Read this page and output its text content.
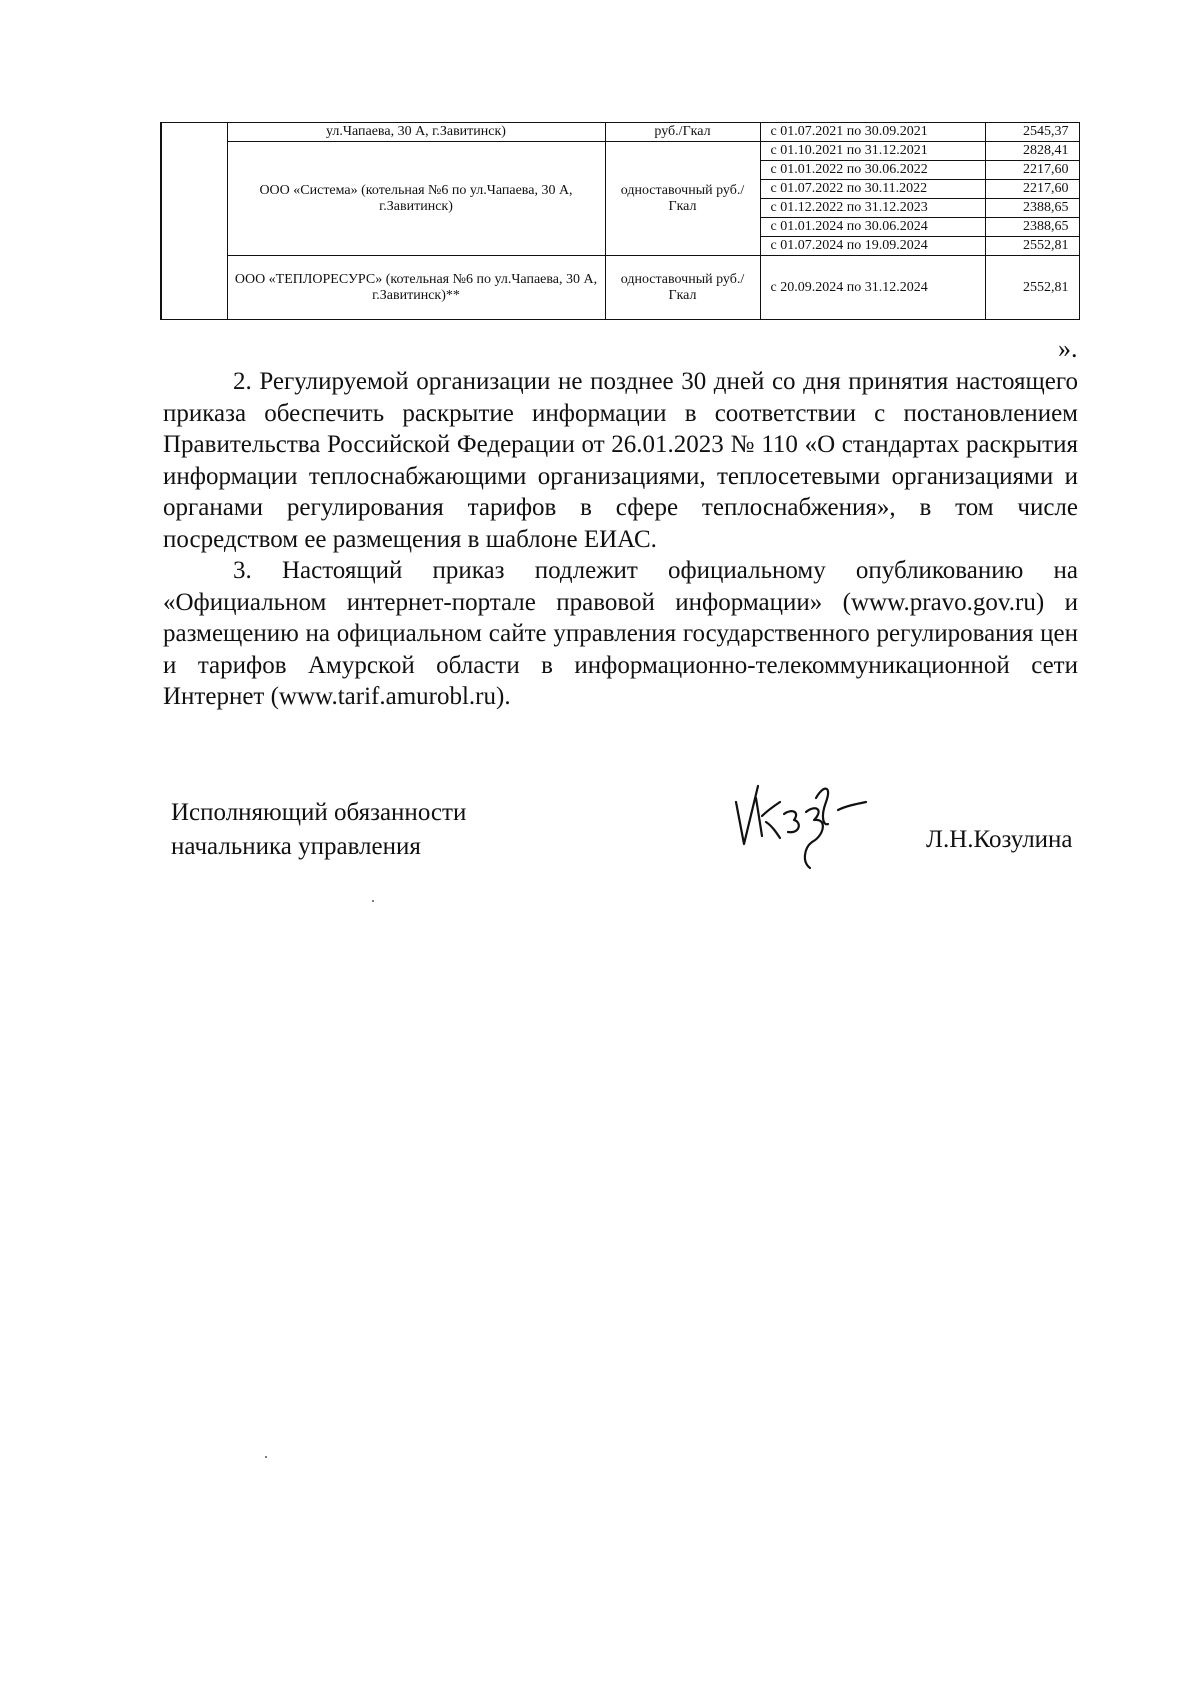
	ул.Чапаева, 30 А, г.Завитинск)	руб./Гкал	с 01.07.2021 по 30.09.2021	2545,37
	ООО «Система» (котельная №6 по ул.Чапаева, 30 А, г.Завитинск)	одноставочный руб./Гкал	с 01.10.2021 по 31.12.2021	2828,41
			с 01.01.2022 по 30.06.2022	2217,60
			с 01.07.2022 по 30.11.2022	2217,60
			с 01.12.2022 по 31.12.2023	2388,65
			с 01.01.2024 по 30.06.2024	2388,65
			с 01.07.2024 по 19.09.2024	2552,81
	ООО «ТЕПЛОРЕСУРС» (котельная №6 по ул.Чапаева, 30 А, г.Завитинск)**	одноставочный руб./Гкал	с 20.09.2024 по 31.12.2024	2552,81
».

2. Регулируемой организации не позднее 30 дней со дня принятия настоящего приказа обеспечить раскрытие информации в соответствии с постановлением Правительства Российской Федерации от 26.01.2023 № 110 «О стандартах раскрытия информации теплоснабжающими организациями, теплосетевыми организациями и органами регулирования тарифов в сфере теплоснабжения», в том числе посредством ее размещения в шаблоне ЕИАС.

3. Настоящий приказ подлежит официальному опубликованию на «Официальном интернет-портале правовой информации» (www.pravo.gov.ru) и размещению на официальном сайте управления государственного регулирования цен и тарифов Амурской области в информационно-телекоммуникационной сети Интернет (www.tarif.amurobl.ru).

Исполняющий обязанности
начальника управления	Л.Н.Козулина
